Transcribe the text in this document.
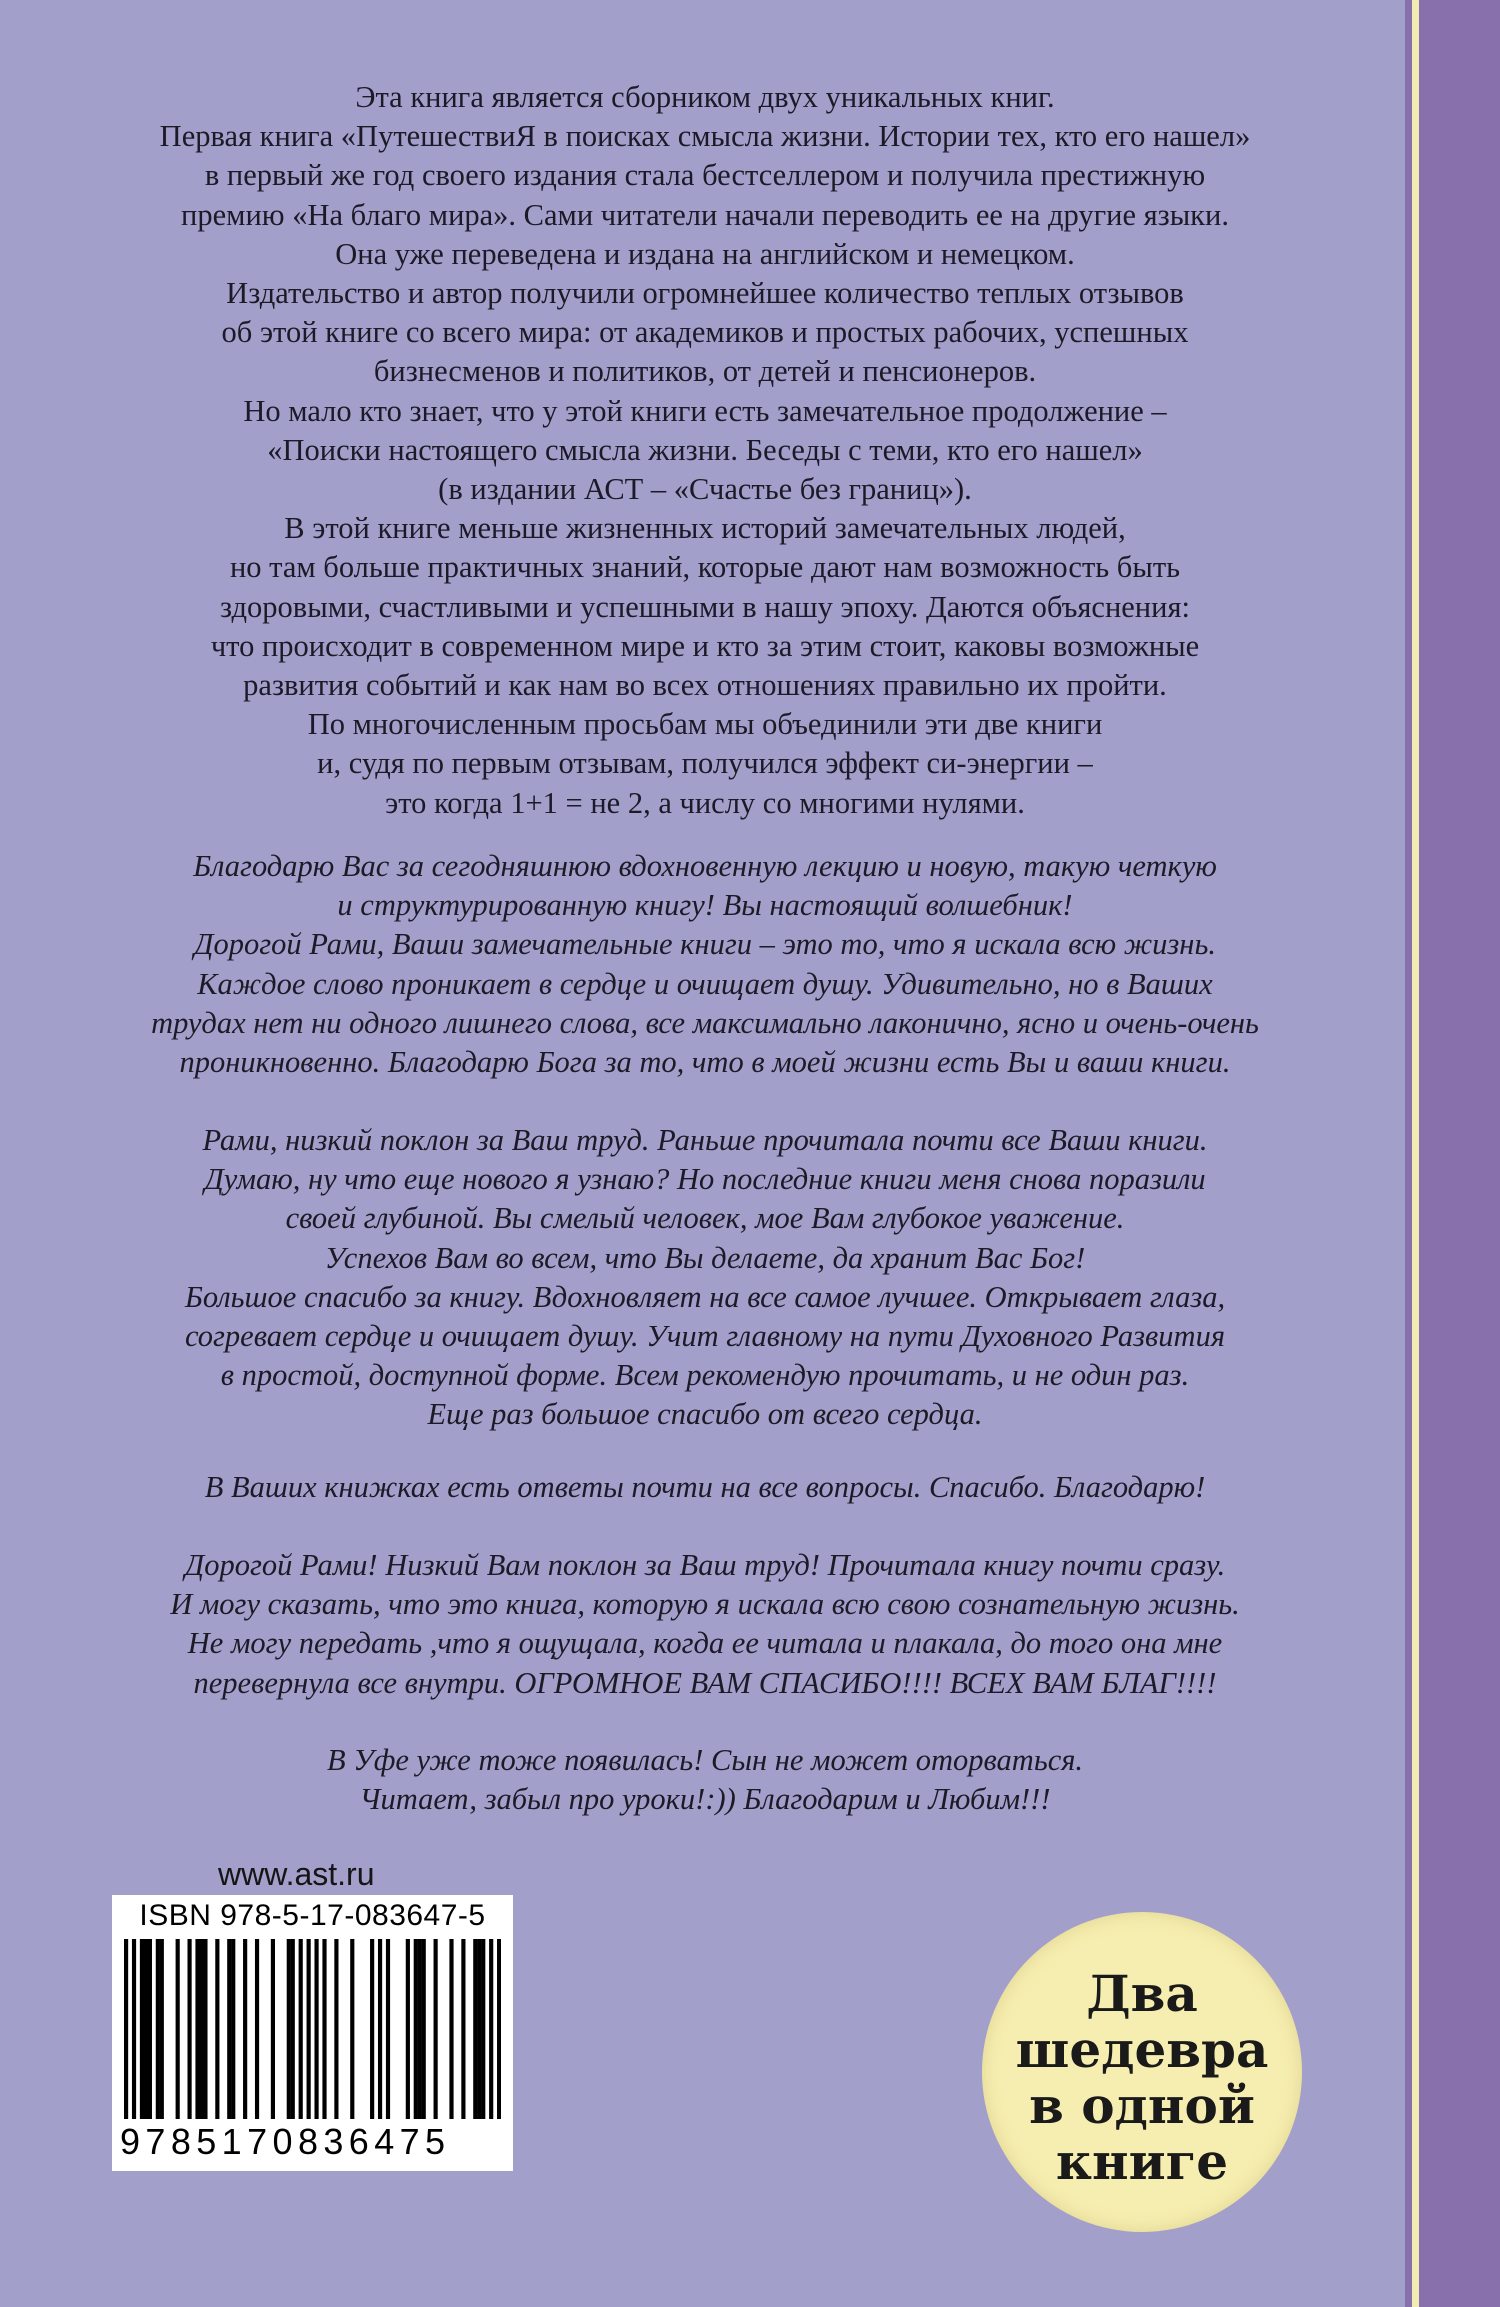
Эта книга является сборником двух уникальных книг.
Первая книга «ПутешествиЯ в поисках смысла жизни. Истории тех, кто его нашел»
в первый же год своего издания стала бестселлером и получила престижную
премию «На благо мира». Сами читатели начали переводить ее на другие языки.
Она уже переведена и издана на английском и немецком.
Издательство и автор получили огромнейшее количество теплых отзывов
об этой книге со всего мира: от академиков и простых рабочих, успешных
бизнесменов и политиков, от детей и пенсионеров.
Но мало кто знает, что у этой книги есть замечательное продолжение –
«Поиски настоящего смысла жизни. Беседы с теми, кто его нашел»
(в издании АСТ – «Счастье без границ»).
В этой книге меньше жизненных историй замечательных людей,
но там больше практичных знаний, которые дают нам возможность быть
здоровыми, счастливыми и успешными в нашу эпоху. Даются объяснения:
что происходит в современном мире и кто за этим стоит, каковы возможные
развития событий и как нам во всех отношениях правильно их пройти.
По многочисленным просьбам мы объединили эти две книги
и, судя по первым отзывам, получился эффект си-энергии –
это когда 1+1 = не 2, а числу со многими нулями.
Благодарю Вас за сегодняшнюю вдохновенную лекцию и новую, такую четкую
и структурированную книгу! Вы настоящий волшебник!
Дорогой Рами, Ваши замечательные книги – это то, что я искала всю жизнь.
Каждое слово проникает в сердце и очищает душу. Удивительно, но в Ваших
трудах нет ни одного лишнего слова, все максимально лаконично, ясно и очень-очень
проникновенно. Благодарю Бога за то, что в моей жизни есть Вы и ваши книги.
Рами, низкий поклон за Ваш труд. Раньше прочитала почти все Ваши книги.
Думаю, ну что еще нового я узнаю? Но последние книги меня снова поразили
своей глубиной. Вы смелый человек, мое Вам глубокое уважение.
Успехов Вам во всем, что Вы делаете, да хранит Вас Бог!
Большое спасибо за книгу. Вдохновляет на все самое лучшее. Открывает глаза,
согревает сердце и очищает душу. Учит главному на пути Духовного Развития
в простой, доступной форме. Всем рекомендую прочитать, и не один раз.
Еще раз большое спасибо от всего сердца.
В Ваших книжках есть ответы почти на все вопросы. Спасибо. Благодарю!
Дорогой Рами! Низкий Вам поклон за Ваш труд! Прочитала книгу почти сразу.
И могу сказать, что это книга, которую я искала всю свою сознательную жизнь.
Не могу передать ,что я ощущала, когда ее читала и плакала, до того она мне
перевернула все внутри. ОГРОМНОЕ ВАМ СПАСИБО!!!! ВСЕХ ВАМ БЛАГ!!!!
В Уфе уже тоже появилась! Сын не может оторваться.
Читает, забыл про уроки!:)) Благодарим и Любим!!!
www.ast.ru
ISBN 978-5-17-083647-5
9785170836475
Два
шедевра
в одной
книге
